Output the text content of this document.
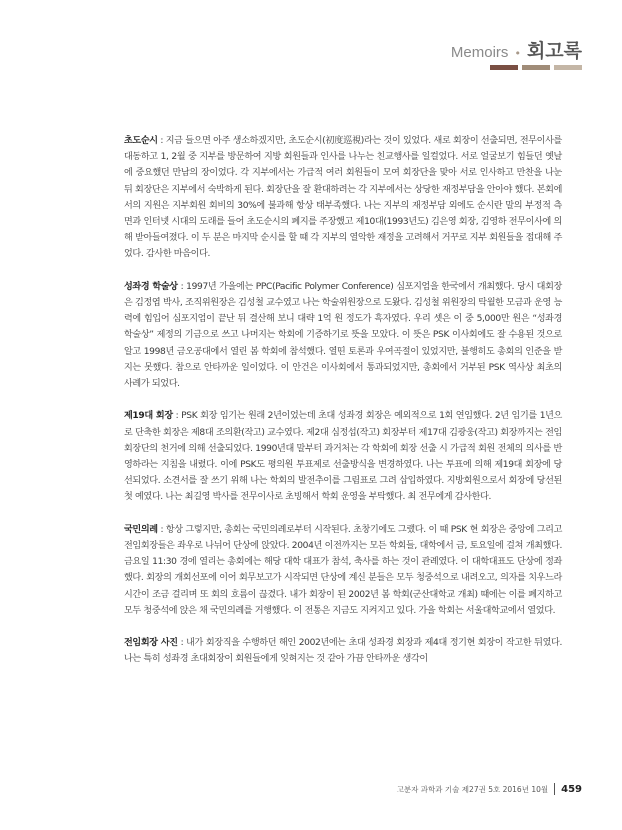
Memoirs • 회고록

초도순시 : 지금 들으면 아주 생소하겠지만, 초도순시(初度巡視)라는 것이 있었다. 새로 회장이 선출되면, 전무이사를 대동하고 1, 2월 중 지부를 방문하여 지방 회원들과 인사를 나누는 친교행사를 일컬었다. 서로 얼굴보기 힘들던 옛날에 중요했던 만남의 장이었다. 각 지부에서는 가급적 여러 회원들이 모여 회장단을 맞아 서로 인사하고 만찬을 나눈 뒤 회장단은 지부에서 숙박하게 된다. 회장단을 잘 환대하려는 각 지부에서는 상당한 재정부담을 안아야 했다. 본회에서의 지원은 지부회원 회비의 30%에 불과해 항상 태부족했다. 나는 지부의 재정부담 외에도 순시란 말의 부정적 측면과 인터넷 시대의 도래를 들어 초도순시의 폐지를 주장했고 제10대(1993년도) 김은영 회장, 김영하 전무이사에 의해 받아들여졌다. 이 두 분은 마지막 순시를 할 때 각 지부의 열악한 재정을 고려해서 거꾸로 지부 회원들을 접대해 주었다. 감사한 마음이다.

성좌경 학술상 : 1997년 가을에는 PPC(Pacific Polymer Conference) 심포지엄을 한국에서 개최했다. 당시 대회장은 김정엽 박사, 조직위원장은 김성철 교수였고 나는 학술위원장으로 도왔다. 김성철 위원장의 탁월한 모금과 운영 능력에 힘입어 심포지엄이 끝난 뒤 결산해 보니 대략 1억 원 정도가 흑자였다. 우리 셋은 이 중 5,000만 원은 “성좌경 학술상” 제정의 기금으로 쓰고 나머지는 학회에 기증하기로 뜻을 모았다. 이 뜻은 PSK 이사회에도 잘 수용된 것으로 알고 1998년 금오공대에서 열린 봄 학회에 참석했다. 열띤 토론과 우여곡절이 있었지만, 불행히도 총회의 인준을 받지는 못했다. 참으로 안타까운 일이었다. 이 안건은 이사회에서 통과되었지만, 총회에서 거부된 PSK 역사상 최초의 사례가 되었다.

제19대 회장 : PSK 회장 임기는 원래 2년이었는데 초대 성좌경 회장은 예외적으로 1회 연임했다. 2년 임기를 1년으로 단축한 회장은 제8대 조의환(작고) 교수였다. 제2대 심정섭(작고) 회장부터 제17대 김광웅(작고) 회장까지는 전임회장단의 천거에 의해 선출되었다. 1990년대 말부터 과거처는 각 학회에 회장 선출 시 가급적 회원 전체의 의사를 반영하라는 지침을 내렸다. 이에 PSK도 평의원 투표제로 선출방식을 변경하였다. 나는 투표에 의해 제19대 회장에 당선되었다. 소견서를 잘 쓰기 위해 나는 학회의 발전추이를 그림표로 그려 삽입하였다. 지방회원으로서 회장에 당선된 첫 예였다. 나는 최길영 박사를 전무이사로 초빙해서 학회 운영을 부탁했다. 최 전무에게 감사한다.

국민의례 : 항상 그렇지만, 총회는 국민의례로부터 시작된다. 초창기에도 그랬다. 이 때 PSK 현 회장은 중앙에 그리고 전임회장들은 좌우로 나뉘어 단상에 앉았다. 2004년 이전까지는 모든 학회들, 대학에서 금, 토요일에 걸쳐 개최했다. 금요일 11:30 경에 열리는 총회에는 해당 대학 대표가 참석, 축사를 하는 것이 관례였다. 이 대학대표도 단상에 정좌했다. 회장의 개회선포에 이어 회무보고가 시작되면 단상에 계신 분들은 모두 청중석으로 내려오고, 의자를 치우느라 시간이 조금 걸리며 또 회의 흐름이 끊겼다. 내가 회장이 된 2002년 봄 학회(군산대학교 개최) 때에는 이를 폐지하고 모두 청중석에 앉은 채 국민의례를 거행했다. 이 전통은 지금도 지켜지고 있다. 가을 학회는 서울대학교에서 열었다.

전임회장 사진 : 내가 회장직을 수행하던 해인 2002년에는 초대 성좌경 회장과 제4대 정기현 회장이 작고한 뒤였다. 나는 특히 성좌경 초대회장이 회원들에게 잊혀지는 것 같아 가끔 안타까운 생각이

고분자 과학과 기술 제27권 5호 2016년 10월 459
